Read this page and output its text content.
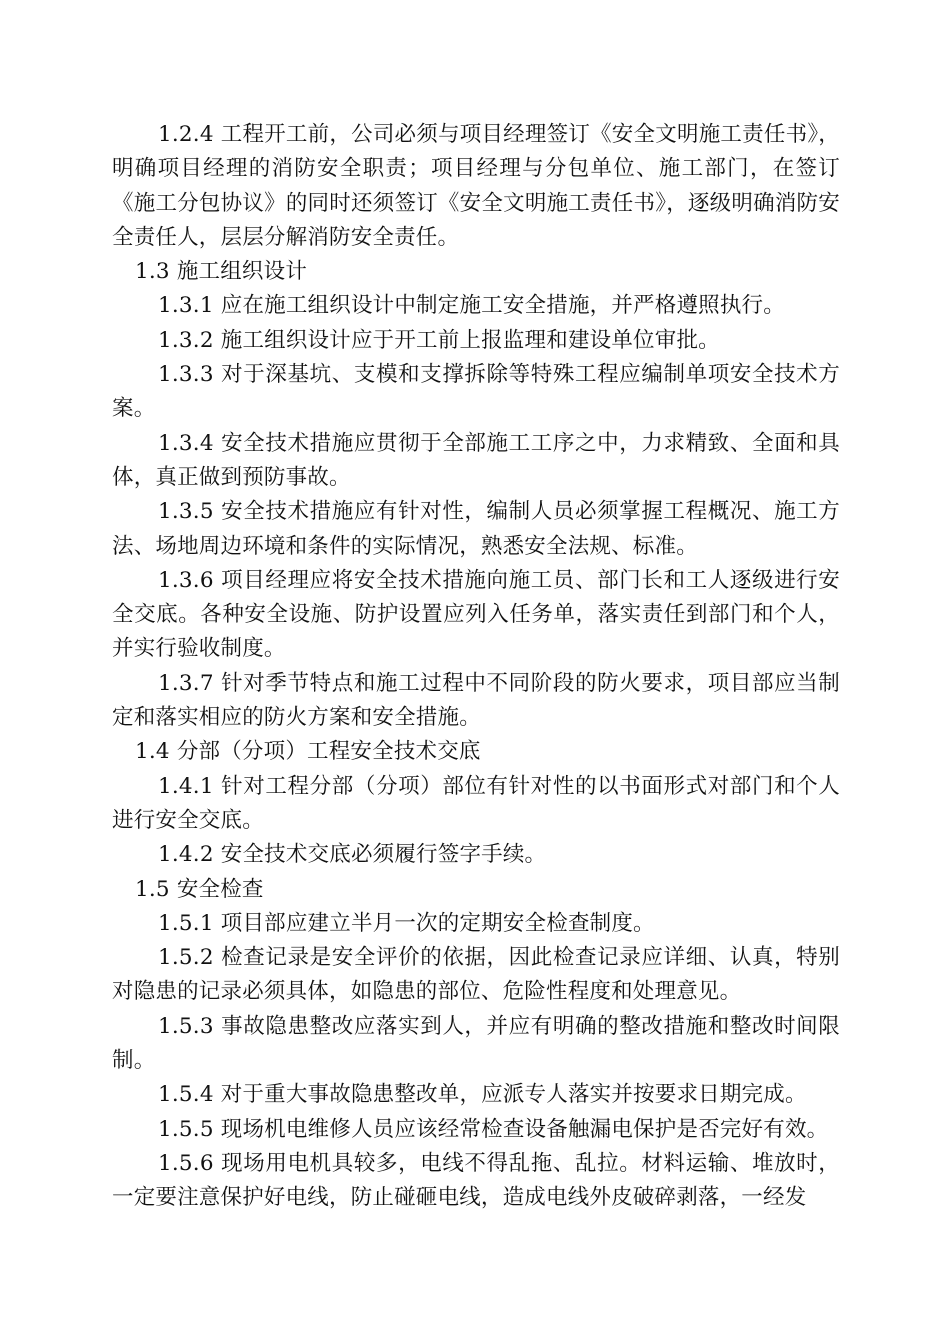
1.2.4 工程开工前，公司必须与项目经理签订《安全文明施工责任书》，明确项目经理的消防安全职责；项目经理与分包单位、施工部门，在签订《施工分包协议》的同时还须签订《安全文明施工责任书》，逐级明确消防安全责任人，层层分解消防安全责任。

1.3 施工组织设计

1.3.1 应在施工组织设计中制定施工安全措施，并严格遵照执行。

1.3.2 施工组织设计应于开工前上报监理和建设单位审批。

1.3.3 对于深基坑、支模和支撑拆除等特殊工程应编制单项安全技术方案。

1.3.4 安全技术措施应贯彻于全部施工工序之中，力求精致、全面和具体，真正做到预防事故。

1.3.5 安全技术措施应有针对性，编制人员必须掌握工程概况、施工方法、场地周边环境和条件的实际情况，熟悉安全法规、标准。

1.3.6 项目经理应将安全技术措施向施工员、部门长和工人逐级进行安全交底。各种安全设施、防护设置应列入任务单，落实责任到部门和个人，并实行验收制度。

1.3.7 针对季节特点和施工过程中不同阶段的防火要求，项目部应当制定和落实相应的防火方案和安全措施。

1.4 分部（分项）工程安全技术交底

1.4.1 针对工程分部（分项）部位有针对性的以书面形式对部门和个人进行安全交底。

1.4.2 安全技术交底必须履行签字手续。

1.5 安全检查

1.5.1 项目部应建立半月一次的定期安全检查制度。

1.5.2 检查记录是安全评价的依据，因此检查记录应详细、认真，特别对隐患的记录必须具体，如隐患的部位、危险性程度和处理意见。

1.5.3 事故隐患整改应落实到人，并应有明确的整改措施和整改时间限制。

1.5.4 对于重大事故隐患整改单，应派专人落实并按要求日期完成。

1.5.5 现场机电维修人员应该经常检查设备触漏电保护是否完好有效。

1.5.6 现场用电机具较多，电线不得乱拖、乱拉。材料运输、堆放时，一定要注意保护好电线，防止碰砸电线，造成电线外皮破碎剥落，一经发
